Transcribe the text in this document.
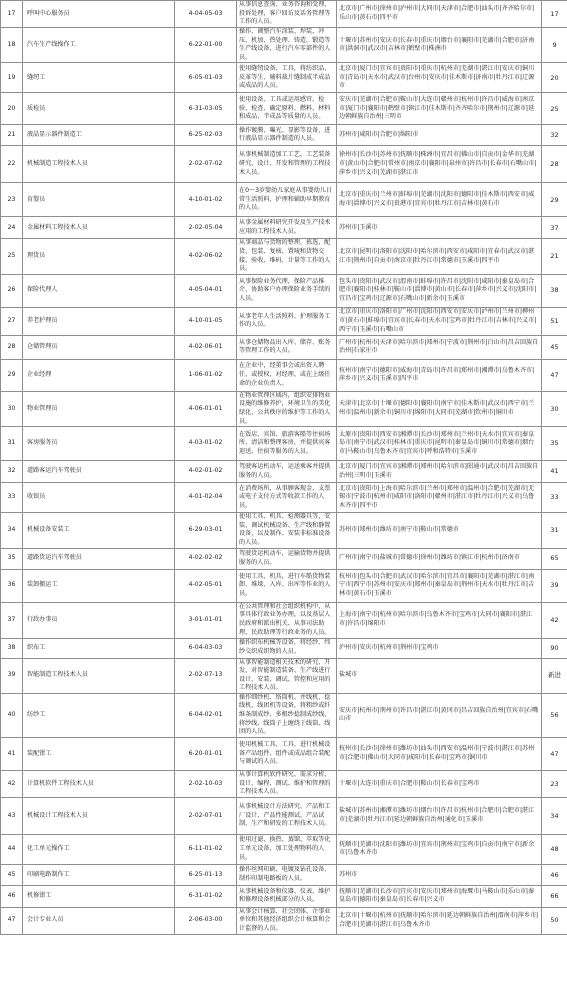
17	呼叫中心服务员	4-04-05-03	从事信息查询、业务咨询和受理、投诉处理，客户回访及话务管理等工作的人员。	北京市|广州市|徐州市|泸州市|大同市|天津市|合肥市|汕头市|齐齐哈尔市|乐山市|黄石市|四平市	17
18	汽车生产线操作工	6-22-01-00	操作、调整汽车涂装、焊装、冲压、机加、热处理、铸造、锻造等生产线设备，进行汽车零部件的人员。	十堰市|苏州市|安庆市|长春市|重庆市|烟台市|襄阳市|芜湖市|合肥市|济南市|洪洞市|武汉市|吉林市|鹤壁市|株洲市	9
19	缝纫工	6-05-01-03	使用缝纫设备、工具，将纺织品、皮革等生、辅料裁片缝制成半成品或成品的人员。	北京市|厦门市|宜宾市|贵阳市|重庆市|杭州市|芜湖市|湛江市|安庆市|铜川市|青岛市|天水市|武汉市|台州市|安庆市|佳木斯市|济南市|牡丹江市|辽源市	20
20	质检员	6-31-03-05	使用设备、工具或运用感官、检验、检查、确定原料、燃料、材料和成品、半成品等质量的人员。	安庆市|芜湖市|合肥市|鞍山市|大连市|赣州市|杭州市|许昌市|威海市|南京市|厦门市|襄阳市|鹤壁市|镇江市|佳木斯市|齐齐哈尔市|荆州市|辽源市|延边朝鲜族自治州|三明市	25
21	液晶显示器件制造工	6-25-02-03	操作镀膜、曝光、显影等设备，进行液晶显示器件制造的人员。	苏州市|咸阳市|合肥市|绵阳市	32
22	机械制造工程技术人员	2-02-07-02	从事机械制造加工工艺、工艺装备研究、设计、开发和管理的工程技术人员。	徐州市|长沙市|苏州市|抚顺市|株洲市|宜昌市|佛山市|自贡市|金华市|芜湖市|黄山市|合肥市|常州市|南京市|襄阳市|泉州市|许昌市|长春市|石嘴山市|萍乡市|兴义市|芜湖市|湛江市	28
23	育婴员	4-10-01-02	在0～3岁婴幼儿家庭从事婴幼儿日常生活照料、护理和辅助早期教育的人员。	北京市|重庆市|兰州市|蚌埠市|芜湖市|沈阳市|德阳市|佳木斯市|西安市|威海市|淄博市|兴义市|贵港市|宜宾市|牡丹江市|吉林市|黄石市	29
24	金属材料工程技术人员	2-02-05-04	从事金属材料研究开发及生产技术应用的工程技术人员。	苏州市|玉溪市	37
25	理货员	4-02-06-02	从事商品与货物的整理、拣选、配货、包装、复核、置唛和货物交接、验收、堆码、计量等工作的人员。	北京市|昆明市|洛阳市|沈阳市|哈尔滨市|西安市|咸阳市|宜春市|武汉市|湛江市|荆州市|自贡市|南京市|牡丹江市|常德市|玉溪市|四平市	21
26	保险代理人	4-05-04-01	从事保险业务代理，保险产品推介，协助客户办理保险业务手续的人员。	包头市|贵阳市|武汉市|渭南市|蚌埠市|许昌市|沈阳市|咸阳市|秦皇岛市|合肥市|襄阳市|桂林市|鞍山市|淄博市|黄山市|长春市|萍乡市|兴义市|沈阳市|宜昌市|宝鸡市|辽源市|石嘴山市|新余市|玉溪市	38
27	养老护理员	4-10-01-05	从事老年人生活照料、护理服务工作的人员。	北京市|重庆市|洛阳市|广州市|沈阳市|西安市|安庆市|泸州市|兰州市|柳州市|黄石市|蚌埠市|宜宾市|长春市|天水市|宝鸡市|牡丹江市|吉林市|兴义市|西宁市|玉溪市|石嘴山市	51
28	仓储管理员	4-02-06-01	从事仓储物品出入库、储存、账务等管理工作的人员。	广州市|杭州市|天津市|哈尔滨市|郑州市|宁波市|荆州市|白山市|昌吉回族自治州|石家庄市	45
29	企业经理	1-06-01-02	在企业中，经董事会或出资人聘任，或授权，对经理、或在上级任命的企业负责人。	杭州市|南宁市|德阳市|威海市|青岛市|许昌市|郑州市|湘潭市|乌鲁木齐市|萍乡市|兴义市|玉溪市|四平市	47
30	物业管理员	4-06-01-01	在物业管理区域内，组织安排物业设施的维修养护，环境卫生的美化绿化，公共秩序的维护等工作的人员。	天津市|北京市|十堰市|德阳市|襄阳市|南宁市|佳木斯市|武汉市|西宁市|兰州市|温州市|新余市|铜川市|绵阳市|大同市|芜湖市|钦州市|铜川市	30
31	客房服务员	4-03-01-02	在饭店、宾馆、旅游客船等住宿场所，清洁和整理客房，并提供宾客迎送、住宿等服务的人员。	太原市|贵阳市|西安市|湘潭市|长沙市|郑州市|兰州市|天水市|宜宾市|秦皇岛市|南宁市|武汉市|桂林市|重庆市|昆明市|秦皇岛市|铜川市|常德市|烟台市|马鞍山市|乌鲁木齐市|宜宾市|呼和浩特市|玉溪市	35
32	道路客运汽车驾驶员	4-02-01-02	驾驶客运机动车，运送乘客并提供服务的人员。	北京市|厦门市|宜宾市|湘潭市|郑州市|哈尔滨市|昭通市|武汉市|昌吉回族自治州|三明市|玉溪市	41
33	收银员	4-01-02-04	在消费场所，从事顾客现金、支票或电子支付方式等收款工作的人员。	北京市|贵阳市|上海市|哈尔滨市|兰州市|郑州市|温州市|合肥市|芜湖市|无锡市|宁波市|杭州市|咸阳市|洛阳市|赣州市|湛江市|牡丹江市|兴义市|乌鲁木齐市|四平市	33
34	机械设备安装工	6-29-03-01	使用工具、机具、检测器具等，安装、调试机械设备、生产线和静置设备，以及制作、安装非标准设备的人员。	苏州市|郑州市|潍坊市|南宁市|鞍山市|常德市	31
35	道路货运汽车驾驶员	4-02-02-02	驾驶货运机动车，运输货物并提供服务的人员。	广州市|南宁市|盐城市|常德市|徐州市|潍坊市|镇江市|杭州市|济南市	65
36	装卸搬运工	4-02-05-01	使用工具、机具，进行车船货物装卸、堆垛、入库、出库等作业的人员。	杭州市|包头市|合肥市|武汉市|哈尔滨市|宜昌市|襄阳市|芜湖市|湛江市|南宁市|西宁市|苏州市|安庆市|郑州市|秦皇岛市|荆州市|天水市|牡丹江市|吉林市|黄石市|玉溪市	39
37	行政办事员	3-01-01-01	在公共管理和社会组织机构中，从事具体行政业务办理，以及基层人民政府和派出机关、从事司法助理，民政助理等行政业务的人员。	上海市|南宁市|杭州市|哈尔滨市|乌鲁木齐市|宝鸡市|大同市|襄阳市|湛江市|许昌市|绵阳市	42
38	织布工	6-04-03-03	操作织布机械等设备，将经纱、纬纱交织成织物的人员。	泸州市|安庆市|杭州市|荆州市|宝鸡市	90
39	智能制造工程技术人员	2-02-07-13	从事智能制造相关技术的研究、开发，对智能制造装备、生产线进行设计、安装、调试、管控和应用的工程技术人员。	盐城市	新进
40	纺纱工	6-04-02-01	操作细纱机、络筒机、并线机、捻线机、线团机等设备，将粗纱或纤维条制成纱、多根纱捻制成纱线，将纱线、线筒子上缠绕于线筒、线团的人员。	安庆市|杭州市|荆州市|许昌市|湛江市|黄冈市|昌吉回族自治州|宜宾市|石嘴山市	56
41	装配钳工	6-20-01-01	使用机械工具、工具，进行机械设备产品组件、组件或成品组合装配与调试的人员。	杭州市|长沙市|徐州市|潍坊市|汕头市|西安市|温州市|宁波市|湛江市|苏州市|合肥市|佛山市|大同市|咸阳市|长春市|宝鸡市|铜川市	47
42	计算机软件工程技术人员	2-02-10-03	从事计算机软件研究、需求分析、设计、编程、测试、维护和管理的工程技术人员。	十堰市|大连市|重庆市|合肥市|鞍山市|长春市|宝鸡市	23
43	机械设计工程技术人员	2-02-07-01	从事机械设计方法研究、产品和工厂设计、产品性能测试、产品试制、生产和研发的工程技术人员。	盐城市|苏州市|湘潭市|潍坊市|烟台市|许昌市|杭州市|合肥市|合肥市|湛江市|芜湖市|牡丹江市|延边朝鲜族自治州|通化市|玉溪市	34
44	化工单元操作工	6-11-01-02	使用过滤、换热、蒸馏、萃取等化工单元设备，加工处理物料的人员。	抚顺市|芜湖市|沈阳市|潍坊市|宜宾市|荆州市|宝鸡市|自贡市|南宁市|新余市|乌鲁木齐市	48
45	印刷电路制作工	6-25-01-13	操作丝网印刷、电镀及钻孔设备，制作印制电路板的人员。	苏州市	46
46	机修钳工	6-31-01-02	从事机械设备和仪器、仪表、维护和修理设备机械部分的人员。	抚顺市|芜湖市|长沙市|宜宾市|安庆市|郑州市|海鹰市|马鞍山市|乐山市|秦皇岛市|德阳市|秦皇岛市|长春市|兴义市	66
47	会计专业人员	2-06-03-00	从事会计核算、社会团体、企事业单位和其他经济组织会计核算和会计监督的人员。	北京市|十堰市|杭州市|抚顺市|哈尔滨市|延边朝鲜族自治州|渭南市|萍乡市|合肥市|芜湖市|湛江市|乌鲁木齐市	50
